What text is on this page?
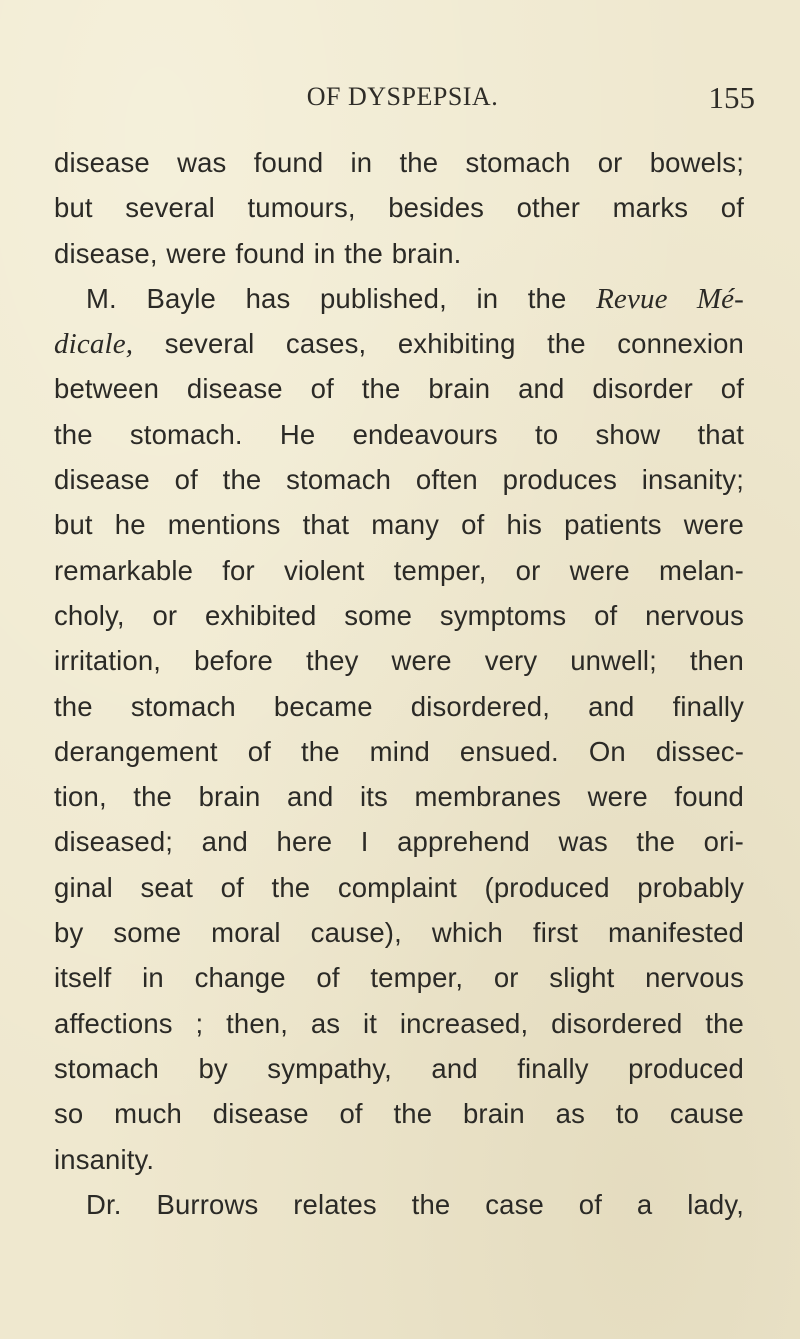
OF DYSPEPSIA.	155
disease was found in the stomach or bowels;
but several tumours, besides other marks of
disease, were found in the brain.
M. Bayle has published, in the Revue Mé-
dicale, several cases, exhibiting the connexion
between disease of the brain and disorder of
the stomach. He endeavours to show that
disease of the stomach often produces insanity;
but he mentions that many of his patients were
remarkable for violent temper, or were melan-
choly, or exhibited some symptoms of nervous
irritation, before they were very unwell; then
the stomach became disordered, and finally
derangement of the mind ensued. On dissec-
tion, the brain and its membranes were found
diseased; and here I apprehend was the ori-
ginal seat of the complaint (produced probably
by some moral cause), which first manifested
itself in change of temper, or slight nervous
affections ; then, as it increased, disordered the
stomach by sympathy, and finally produced
so much disease of the brain as to cause
insanity.
Dr. Burrows relates the case of a lady,
